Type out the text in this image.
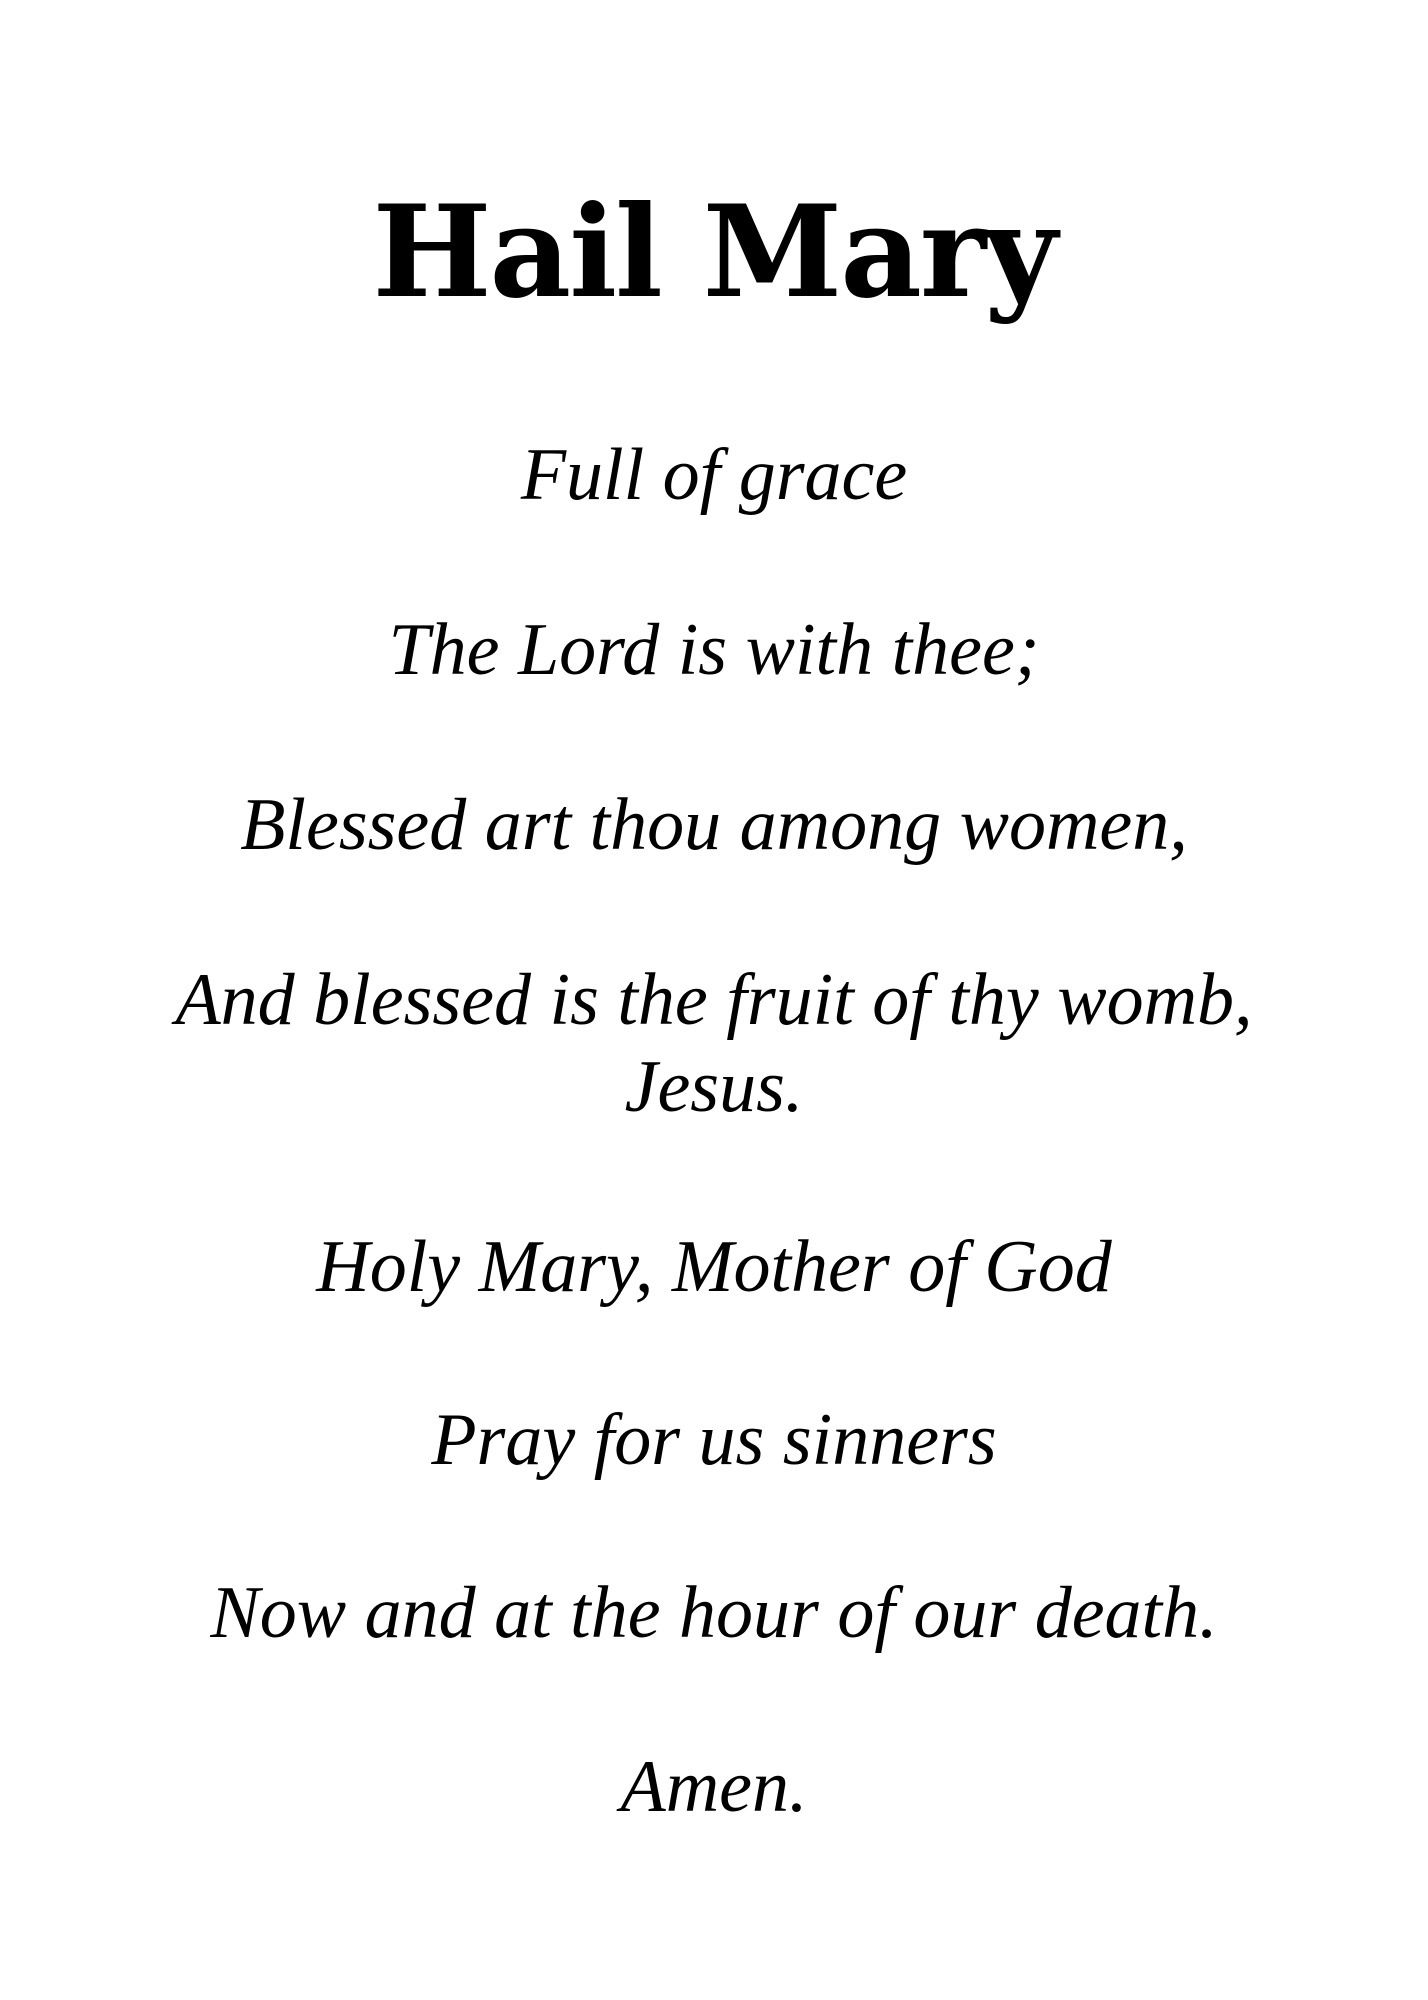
Hail Mary
Full of grace
The Lord is with thee;
Blessed art thou among women,
And blessed is the fruit of thy womb,
Jesus.
Holy Mary, Mother of God
Pray for us sinners
Now and at the hour of our death.
Amen.
